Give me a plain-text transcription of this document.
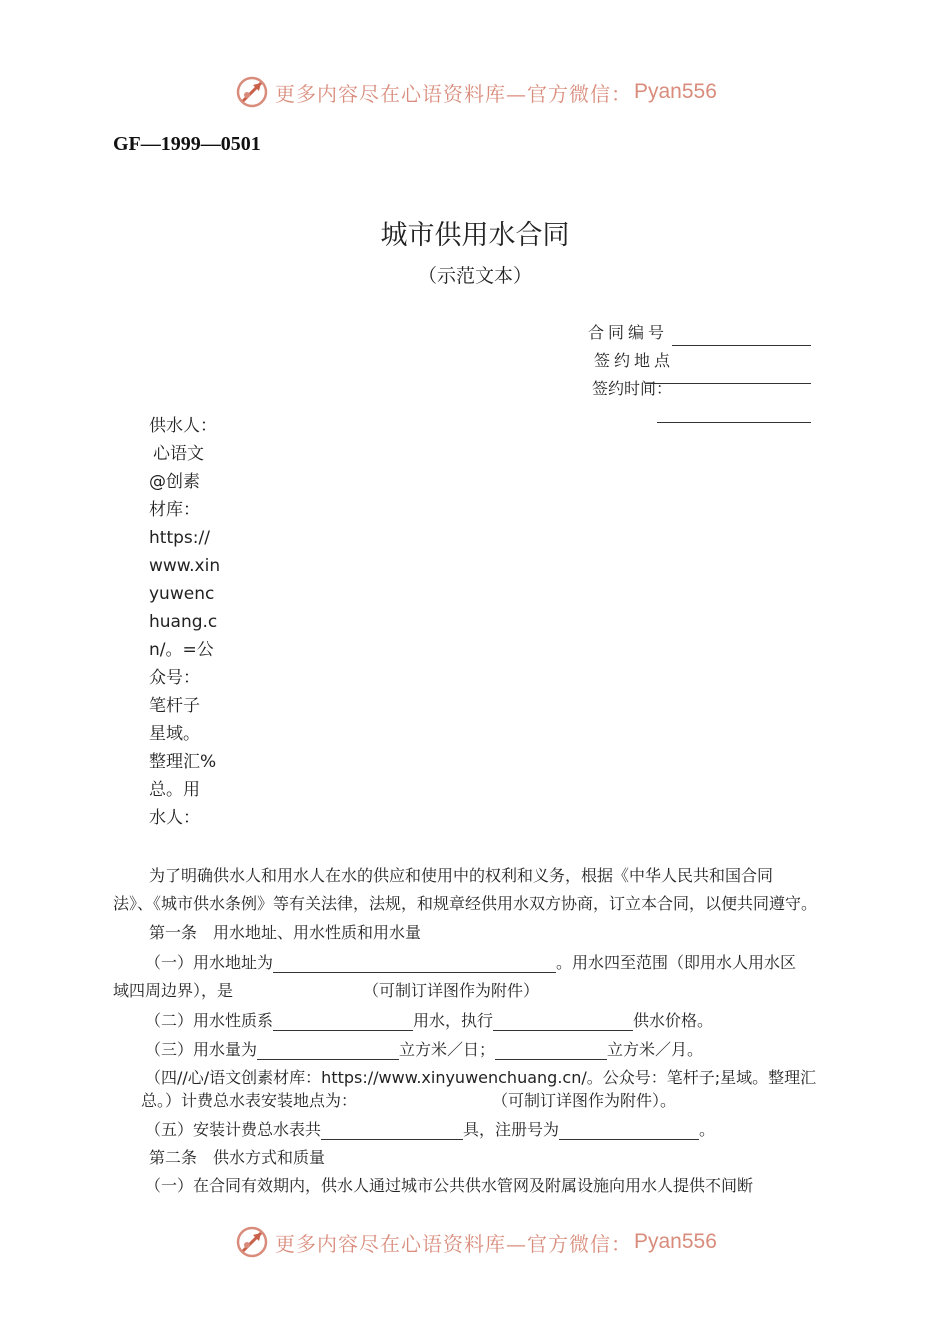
更多内容尽在心语资料库—官方微信： Pyan556
GF—1999—0501
城市供用水合同
（示范文本）
合同编号
签约地点
签约时间：
供水人：
心语文
@创素
材库：
https://
www.xin
yuwenc
huang.c
n/。=公
众号：
笔杆子
星域。
整理汇%
总。用
水人：
为了明确供水人和用水人在水的供应和使用中的权利和义务，根据《中华人民共和国合同
法》、《城市供水条例》等有关法律，法规，和规章经供用水双方协商，订立本合同，以便共同遵守。
第一条　用水地址、用水性质和用水量
（一）用水地址为	。用水四至范围（即用水人用水区
域四周边界），是	（可制订详图作为附件）
（二）用水性质系	用水，执行	供水价格。
（三）用水量为	立方米／日；	立方米／月。
（四//心/语文创素材库：https://www.xinyuwenchuang.cn/。公众号：笔杆子;星域。整理汇
总。）计费总水表安装地点为：	（可制订详图作为附件）。
（五）安装计费总水表共	具，注册号为	。
第二条　供水方式和质量
（一）在合同有效期内，供水人通过城市公共供水管网及附属设施向用水人提供不间断
更多内容尽在心语资料库—官方微信： Pyan556
